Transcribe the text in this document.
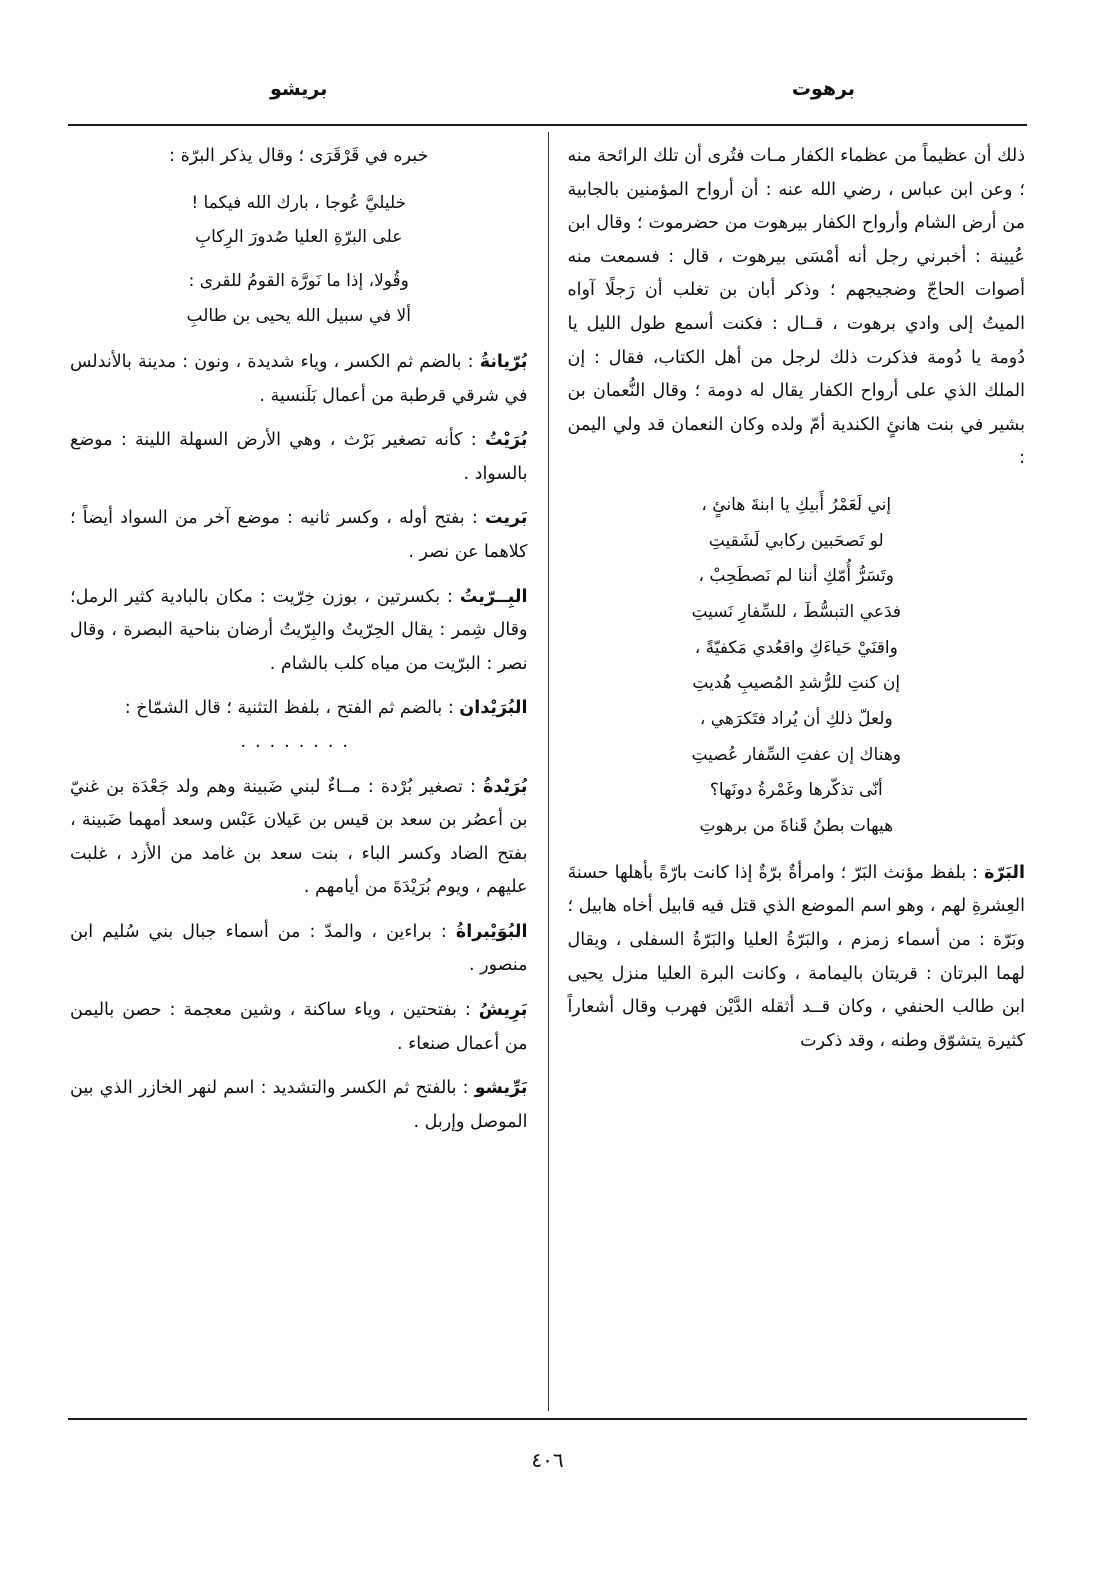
برهوت
بريشو

ذلك أن عظيماً من عظماء الكفار مـات فتُرى أن تلك الرائحة منه ؛ وعن ابن عباس ، رضي الله عنه : أن أرواح المؤمنين بالجابية من أرض الشام وأرواح الكفار بيرهوت من حضرموت ؛ وقال ابن عُيينة : أخبرني رجل أنه أمْسَى بيرهوت ، قال : فسمعت منه أصوات الحاجّ وضجيجهم ؛ وذكر أبان بن تغلب أن رَجلًا آواه الميتُ إلى وادي برهوت ، قــال : فكنت أسمع طول الليل يا دُومة يا دُومة فذكرت ذلك لرجل من أهل الكتاب، فقال : إن الملك الذي على أرواح الكفار يقال له دومة ؛ وقال النُّعمان بن بشير في بنت هانئٍ الكندية أمّ ولده وكان النعمان قد ولي اليمن :

إني لَعَمْرُ أَبيكِ يا ابنةَ هانئٍ ،
لو تَصحَبين ركابي لَشَقيتِ
وتَسَرُّ أُمّكِ أننا لم نَصطَحِبْ ،
فدَعي التبسُّطَ ، للسِّفارِ نَسيتِ
واقنَيْ حَياءَكِ واقعُدي مَكفيّةً ،
إن كنتِ للرُّشدِ المُصيبِ هُديتِ
ولعلّ ذلكِ أن يُراد فتَكرَهي ،
وهناك إن عفتِ السِّفار عُصيتِ
أنّى تذكّرها وغَمْرةُ دونَها؟
هيهات بطنُ قَناةَ من برهوتِ

البَرّة : بلفظ مؤنث البَرّ ؛ وامرأةٌ برّةٌ إذا كانت بارّةً بأهلها حسنةَ العِشرةِ لهم ، وهو اسم الموضع الذي قتل فيه قابيل أخاه هابيل ؛ وبَرّة : من أسماء زمزم ، والبَرّةُ العليا والبَرّةُ السفلى ، ويقال لهما البرتان : قريتان باليمامة ، وكانت البرة العليا منزل يحيى ابن طالب الحنفي ، وكان قــد أثقله الدَّيْن فهرب وقال أشعاراً كثيرة يتشوّق وطنه ، وقد ذكرت

خبره في قَرْقَرَى ؛ وقال يذكر البرّة :

خليليَّ عُوجا ، بارك الله فيكما !
على البرّةِ العليا صُدورَ الرِكابِ
وقُولا، إذا ما نَورَّة القومُ للقرى :
ألا في سبيل الله يحيى بن طالبِ

بُرّيانةُ : بالضم ثم الكسر ، وياء شديدة ، ونون : مدينة بالأندلس في شرقي قرطبة من أعمال بَلَنسية .

بُرَيْتُ : كأنه تصغير بَرْث ، وهي الأرض السهلة اللينة : موضع بالسواد .

بَريت : بفتح أوله ، وكسر ثانيه : موضع آخر من السواد أيضاً ؛ كلاهما عن نصر .

البِــرّيتُ : بكسرتين ، بوزن خِرّيت : مكان بالبادية كثير الرمل؛ وقال شِمر : يقال الحِرّيتُ والبِرّيتُ أرضان بناحية البصرة ، وقال نصر : البرّيت من مياه كلب بالشام .

البُرَيْدان : بالضم ثم الفتح ، بلفظ التثنية ؛ قال الشمّاخ :

........

بُرَيْدةُ : تصغير بُرْدة : مــاءٌ لبني ضَبينة وهم ولد جَعْدَة بن غنيّ بن أعصُر بن سعد بن قيس بن عَيلان عَبْس وسعد أمهما ضَبينة ، بفتح الضاد وكسر الباء ، بنت سعد بن غامد من الأزد ، غلبت عليهم ، ويوم بُرَيْدَةَ من أيامهم .

البُوَيْبراةُ : براءين ، والمدّ : من أسماء جبال بني سُليم ابن منصور .

بَرِيشُ : بفتحتين ، وياء ساكنة ، وشين معجمة : حصن باليمن من أعمال صنعاء .

بَرِّيشو : بالفتح ثم الكسر والتشديد : اسم لنهر الخازر الذي بين الموصل وإربل .

٤٠٦
